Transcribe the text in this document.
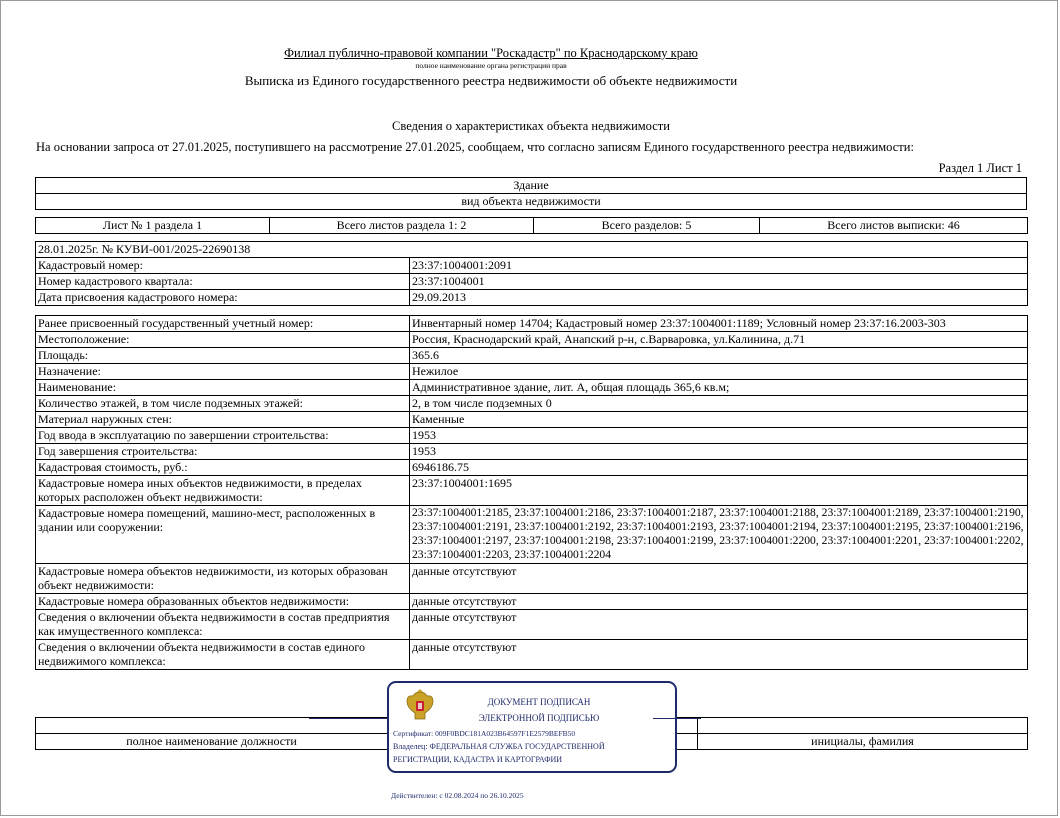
Филиал публично-правовой компании "Роскадастр" по Краснодарскому краю
полное наименование органа регистрации прав
Выписка из Единого государственного реестра недвижимости об объекте недвижимости
Сведения о характеристиках объекта недвижимости
На основании запроса от 27.01.2025, поступившего на рассмотрение 27.01.2025, сообщаем, что согласно записям Единого государственного реестра недвижимости:
Раздел 1 Лист 1
Здание
вид объекта недвижимости
Лист № 1 раздела 1	Всего листов раздела 1: 2	Всего разделов: 5	Всего листов выписки: 46
28.01.2025г. № КУВИ-001/2025-22690138	
Кадастровый номер:	23:37:1004001:2091
Номер кадастрового квартала:	23:37:1004001
Дата присвоения кадастрового номера:	29.09.2013
Ранее присвоенный государственный учетный номер:	Инвентарный номер 14704; Кадастровый номер 23:37:1004001:1189; Условный номер 23:37:16.2003-303
Местоположение:	Россия, Краснодарский край, Анапский р-н, с.Варваровка, ул.Калинина, д.71
Площадь:	365.6
Назначение:	Нежилое
Наименование:	Административное здание, лит. А, общая площадь 365,6 кв.м;
Количество этажей, в том числе подземных этажей:	2, в том числе подземных 0
Материал наружных стен:	Каменные
Год ввода в эксплуатацию по завершении строительства:	1953
Год завершения строительства:	1953
Кадастровая стоимость, руб.:	6946186.75
Кадастровые номера иных объектов недвижимости, в пределах которых расположен объект недвижимости:	23:37:1004001:1695
Кадастровые номера помещений, машино-мест, расположенных в здании или сооружении:	23:37:1004001:2185, 23:37:1004001:2186, 23:37:1004001:2187, 23:37:1004001:2188, 23:37:1004001:2189, 23:37:1004001:2190, 23:37:1004001:2191, 23:37:1004001:2192, 23:37:1004001:2193, 23:37:1004001:2194, 23:37:1004001:2195, 23:37:1004001:2196, 23:37:1004001:2197, 23:37:1004001:2198, 23:37:1004001:2199, 23:37:1004001:2200, 23:37:1004001:2201, 23:37:1004001:2202, 23:37:1004001:2203, 23:37:1004001:2204
Кадастровые номера объектов недвижимости, из которых образован объект недвижимости:	данные отсутствуют
Кадастровые номера образованных объектов недвижимости:	данные отсутствуют
Сведения о включении объекта недвижимости в состав предприятия как имущественного комплекса:	данные отсутствуют
Сведения о включении объекта недвижимости в состав единого недвижимого комплекса:	данные отсутствуют

полное наименование должности		инициалы, фамилия
ДОКУМЕНТ ПОДПИСАН
ЭЛЕКТРОННОЙ ПОДПИСЬЮ
Сертификат: 009F0BDC181A023B64597F1E2579BEFB50
Владелец: ФЕДЕРАЛЬНАЯ СЛУЖБА ГОСУДАРСТВЕННОЙ
РЕГИСТРАЦИИ, КАДАСТРА И КАРТОГРАФИИ
Действителен: с 02.08.2024 по 26.10.2025
